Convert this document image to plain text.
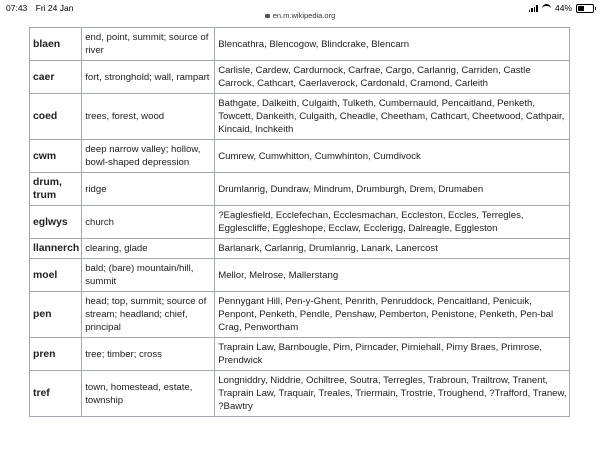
07:43 Fri 24 Jan
en.m.wikipedia.org
44%
blaen	end, point, summit; source of river	Blencathra, Blencogow, Blindcrake, Blencarn
caer	fort, stronghold; wall, rampart	Carlisle, Cardew, Cardurnock, Carfrae, Cargo, Carlanrig, Carriden, Castle Carrock, Cathcart, Caerlaverock, Cardonald, Cramond, Carleith
coed	trees, forest, wood	Bathgate, Dalkeith, Culgaith, Tulketh, Cumbernauld, Pencaitland, Penketh, Towcett, Dankeith, Culgaith, Cheadle, Cheetham, Cathcart, Cheetwood, Cathpair, Kincaid, Inchkeith
cwm	deep narrow valley; hollow, bowl-shaped depression	Cumrew, Cumwhitton, Cumwhinton, Cumdivock
drum, trum	ridge	Drumlanrig, Dundraw, Mindrum, Drumburgh, Drem, Drumaben
eglwys	church	?Eaglesfield, Ecclefechan, Ecclesmachan, Eccleston, Eccles, Terregles, Egglescliffe, Eggleshope, Ecclaw, Ecclerigg, Dalreagle, Eggleston
llannerch	clearing, glade	Barlanark, Carlanrig, Drumlanrig, Lanark, Lanercost
moel	bald; (bare) mountain/hill, summit	Mellor, Melrose, Mallerstang
pen	head; top, summit; source of stream; headland; chief, principal	Pennygant Hill, Pen-y-Ghent, Penrith, Penruddock, Pencaitland, Penicuik, Penpont, Penketh, Pendle, Penshaw, Pemberton, Penistone, Penketh, Pen-bal Crag, Penwortham
pren	tree; timber; cross	Traprain Law, Barnbougle, Pirn, Pirncader, Pirniehall, Pirny Braes, Primrose, Prendwick
tref	town, homestead, estate, township	Longniddry, Niddrie, Ochiltree, Soutra, Terregles, Trabroun, Trailtrow, Tranent, Traprain Law, Traquair, Treales, Triermain, Trostrie, Troughend, ?Trafford, Tranew, ?Bawtry
